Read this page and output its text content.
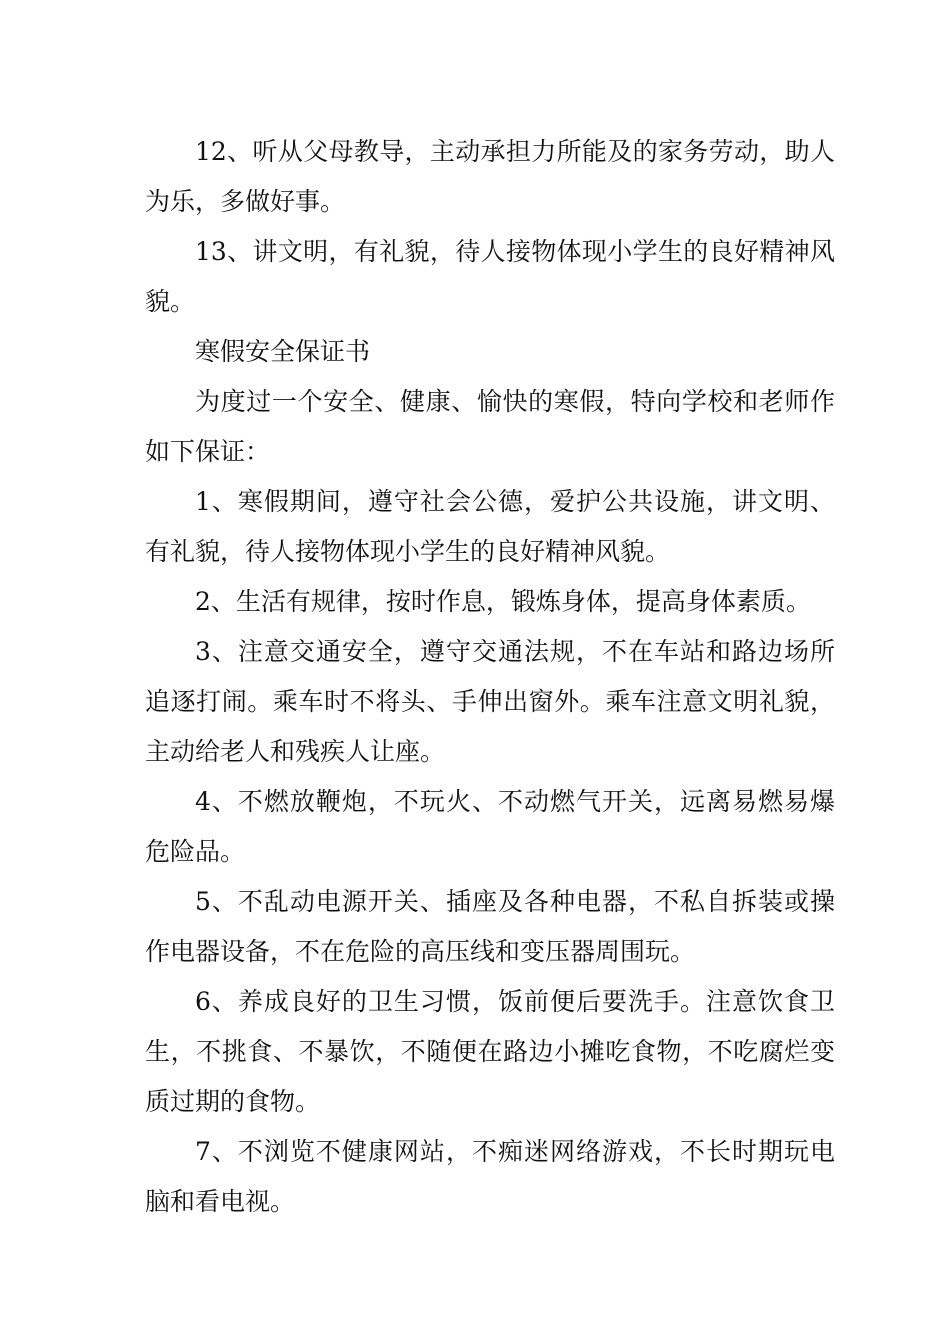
12、听从父母教导，主动承担力所能及的家务劳动，助人为乐，多做好事。

13、讲文明，有礼貌，待人接物体现小学生的良好精神风貌。

寒假安全保证书

为度过一个安全、健康、愉快的寒假，特向学校和老师作如下保证：

1、寒假期间，遵守社会公德，爱护公共设施，讲文明、有礼貌，待人接物体现小学生的良好精神风貌。

2、生活有规律，按时作息，锻炼身体，提高身体素质。

3、注意交通安全，遵守交通法规，不在车站和路边场所追逐打闹。乘车时不将头、手伸出窗外。乘车注意文明礼貌，主动给老人和残疾人让座。

4、不燃放鞭炮，不玩火、不动燃气开关，远离易燃易爆危险品。

5、不乱动电源开关、插座及各种电器，不私自拆装或操作电器设备，不在危险的高压线和变压器周围玩。

6、养成良好的卫生习惯，饭前便后要洗手。注意饮食卫生，不挑食、不暴饮，不随便在路边小摊吃食物，不吃腐烂变质过期的食物。

7、不浏览不健康网站，不痴迷网络游戏，不长时期玩电脑和看电视。
